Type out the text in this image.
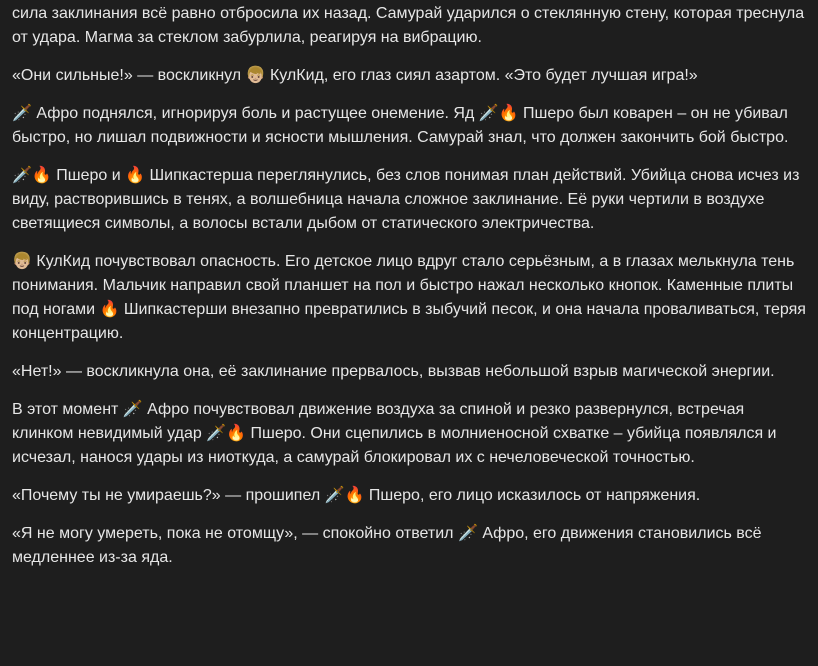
сила заклинания всё равно отбросила их назад. Самурай ударился о стеклянную стену, которая треснула от удара. Магма за стеклом забурлила, реагируя на вибрацию.

«Они сильные!» — воскликнул 👦🏼 КулКид, его глаз сиял азартом. «Это будет лучшая игра!»

🗡️ Афро поднялся, игнорируя боль и растущее онемение. Яд 🗡️🔥 Пшеро был коварен – он не убивал быстро, но лишал подвижности и ясности мышления. Самурай знал, что должен закончить бой быстро.

🗡️🔥 Пшеро и 🔥 Шипкастерша переглянулись, без слов понимая план действий. Убийца снова исчез из виду, растворившись в тенях, а волшебница начала сложное заклинание. Её руки чертили в воздухе светящиеся символы, а волосы встали дыбом от статического электричества.

👦🏼 КулКид почувствовал опасность. Его детское лицо вдруг стало серьёзным, а в глазах мелькнула тень понимания. Мальчик направил свой планшет на пол и быстро нажал несколько кнопок. Каменные плиты под ногами 🔥 Шипкастерши внезапно превратились в зыбучий песок, и она начала проваливаться, теряя концентрацию.

«Нет!» — воскликнула она, её заклинание прервалось, вызвав небольшой взрыв магической энергии.

В этот момент 🗡️ Афро почувствовал движение воздуха за спиной и резко развернулся, встречая клинком невидимый удар 🗡️🔥 Пшеро. Они сцепились в молниеносной схватке – убийца появлялся и исчезал, нанося удары из ниоткуда, а самурай блокировал их с нечеловеческой точностью.

«Почему ты не умираешь?» — прошипел 🗡️🔥 Пшеро, его лицо исказилось от напряжения.

«Я не могу умереть, пока не отомщу», — спокойно ответил 🗡️ Афро, его движения становились всё медленнее из-за яда.
